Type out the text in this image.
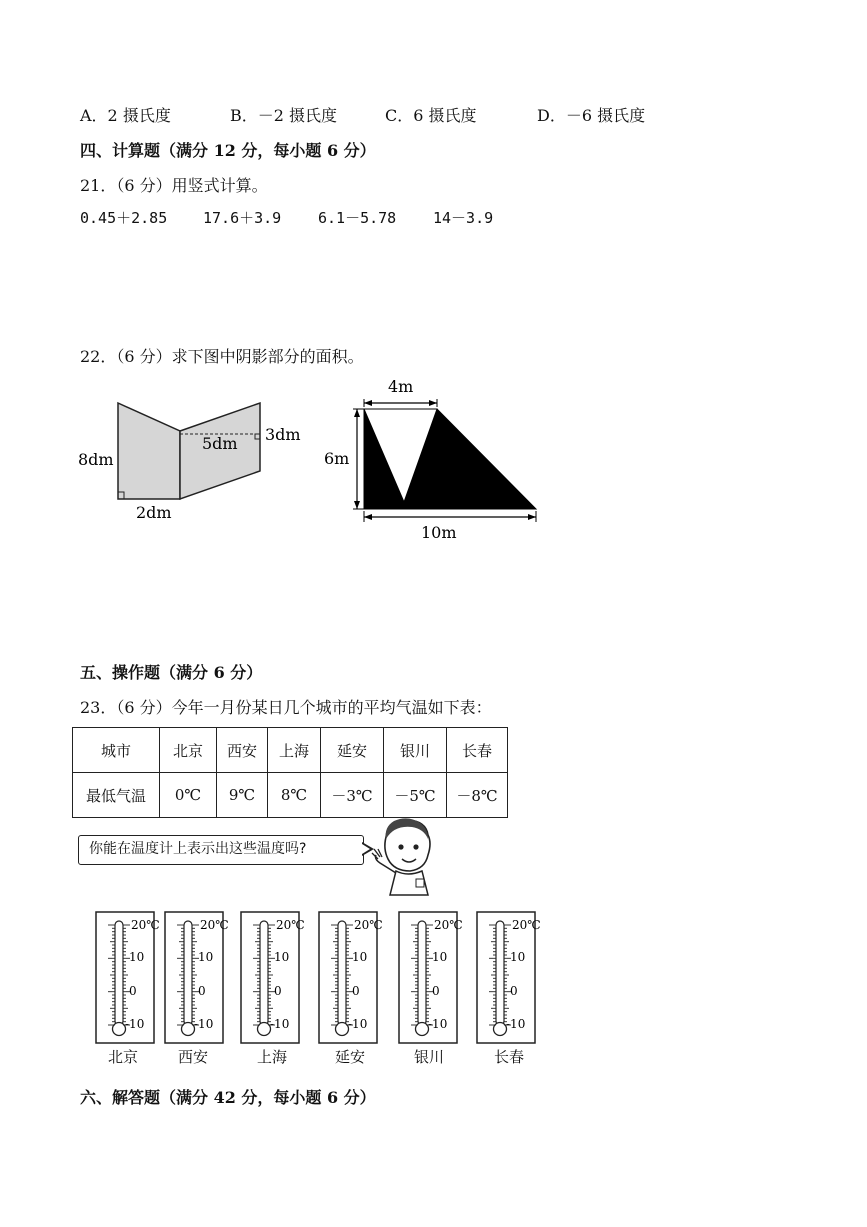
A．2 摄氏度	B．－2 摄氏度	C．6 摄氏度	D．－6 摄氏度
四、计算题（满分 12 分，每小题 6 分）
21．（6 分）用竖式计算。
0.45＋2.85 17.6＋3.9 6.1－5.78 14－3.9
22．（6 分）求下图中阴影部分的面积。
8dm
2dm
5dm 3dm
4m
6m
10m
五、操作题（满分 6 分）
23．（6 分）今年一月份某日几个城市的平均气温如下表：
城市	北京	西安	上海	延安	银川	长春
最低气温	0℃	9℃	8℃	－3℃	－5℃	－8℃
你能在温度计上表示出这些温度吗?
20℃
10
0
-10
北京
20℃
10
0
-10
西安
20℃
10
0
-10
上海
20℃
10
0
-10
延安
20℃
10
0
-10
银川
20℃
10
0
-10
长春
六、解答题（满分 42 分，每小题 6 分）
